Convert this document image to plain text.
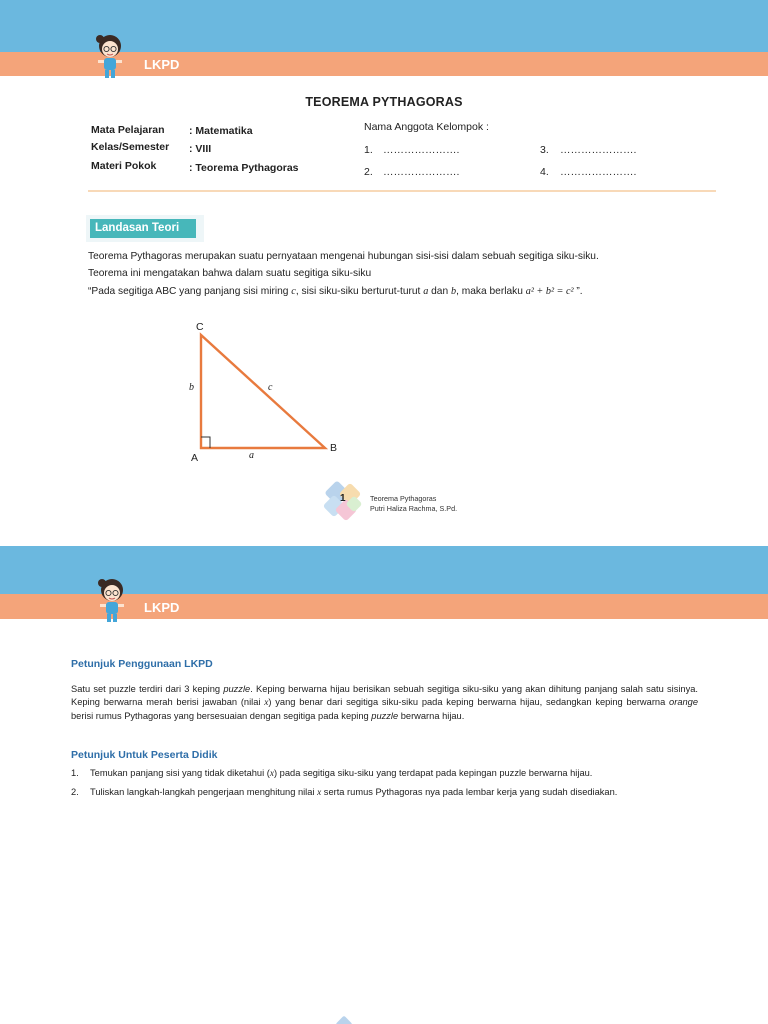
LKPD
TEOREMA PYTHAGORAS
Mata Pelajaran : Matematika
Kelas/Semester : VIII
Materi Pokok	: Teorema Pythagoras
Nama Anggota Kelompok :
1. ………………….
2. ………………….
3. ………………….
4. ………………….
Landasan Teori
Teorema Pythagoras merupakan suatu pernyataan mengenai hubungan sisi-sisi dalam sebuah segitiga siku-siku.
Teorema ini mengatakan bahwa dalam suatu segitiga siku-siku
“Pada segitiga ABC yang panjang sisi miring c, sisi siku-siku berturut-turut a dan b, maka berlaku a² + b² = c² ”.
C
A
B
b	c
a
1	Teorema Pythagoras
Putri Haliza Rachma, S.Pd.
LKPD
Petunjuk Penggunaan LKPD
Satu set puzzle terdiri dari 3 keping puzzle. Keping berwarna hijau berisikan sebuah segitiga siku-siku yang akan dihitung panjang salah satu sisinya. Keping berwarna merah berisi jawaban (nilai x) yang benar dari segitiga siku-siku pada keping berwarna hijau, sedangkan keping berwarna orange berisi rumus Pythagoras yang bersesuaian dengan segitiga pada keping puzzle berwarna hijau.
Petunjuk Untuk Peserta Didik
1. Temukan panjang sisi yang tidak diketahui (x) pada segitiga siku-siku yang terdapat pada kepingan puzzle berwarna hijau.
2. Tuliskan langkah-langkah pengerjaan menghitung nilai x serta rumus Pythagoras nya pada lembar kerja yang sudah disediakan.
